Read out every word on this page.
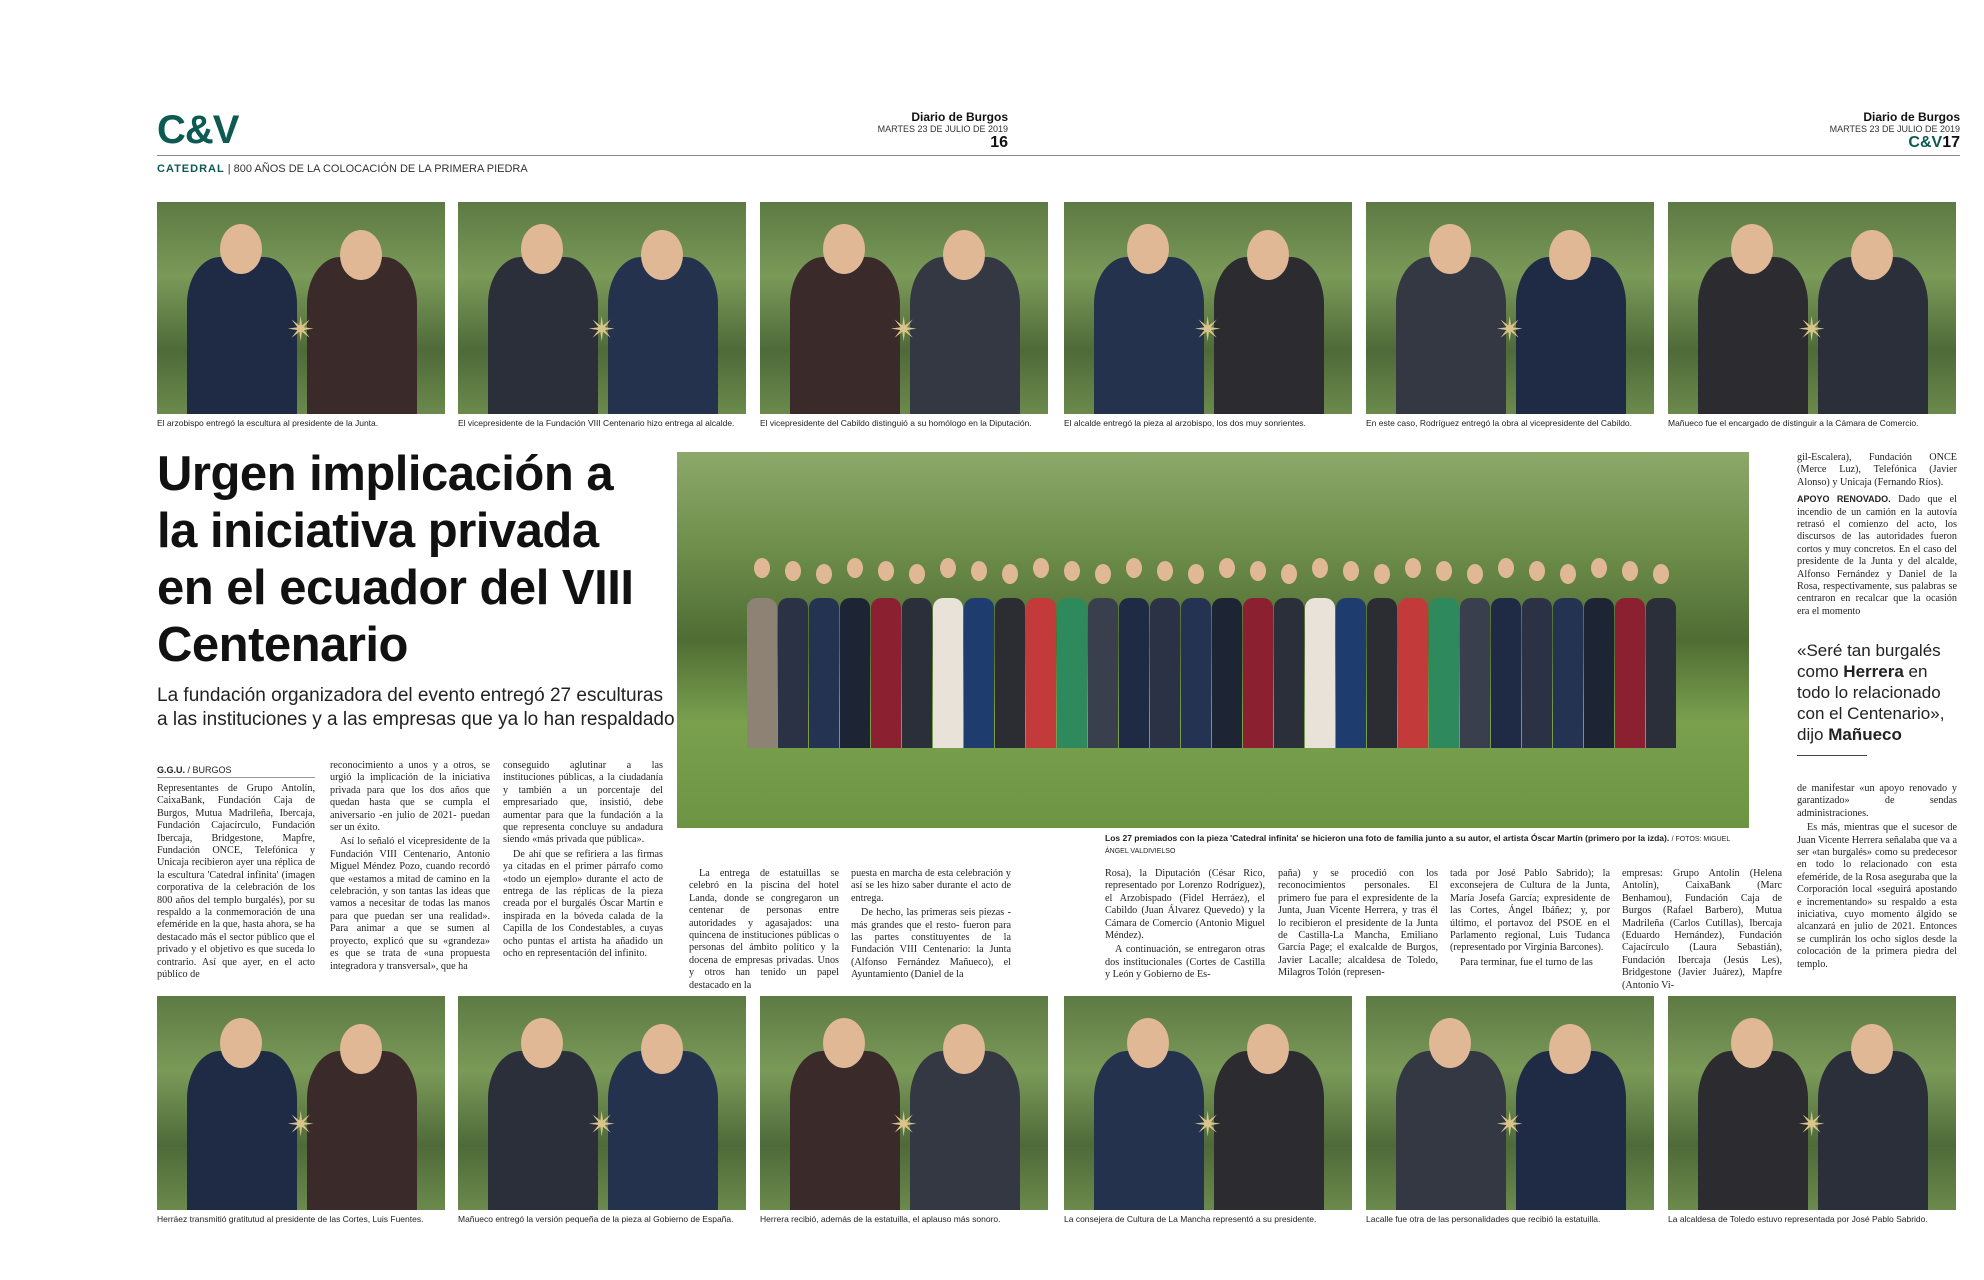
C&V	Diario de Burgos
MARTES 23 DE JULIO DE 2019
16
Diario de Burgos
MARTES 23 DE JULIO DE 2019
C&V17
CATEDRAL | 800 AÑOS DE LA COLOCACIÓN DE LA PRIMERA PIEDRA
✴
El arzobispo entregó la escultura al presidente de la Junta.
✴
El vicepresidente de la Fundación VIII Centenario hizo entrega al alcalde.
✴
El vicepresidente del Cabildo distinguió a su homólogo en la Diputación.
✴
El alcalde entregó la pieza al arzobispo, los dos muy sonrientes.
✴
En este caso, Rodríguez entregó la obra al vicepresidente del Cabildo.
✴
Mañueco fue el encargado de distinguir a la Cámara de Comercio.
✴
Herráez transmitió gratitutud al presidente de las Cortes, Luis Fuentes.
✴
Mañueco entregó la versión pequeña de la pieza al Gobierno de España.
✴
Herrera recibió, además de la estatuilla, el aplauso más sonoro.
✴
La consejera de Cultura de La Mancha representó a su presidente.
✴
Lacalle fue otra de las personalidades que recibió la estatuilla.
✴
La alcaldesa de Toledo estuvo representada por José Pablo Sabrido.
Urgen implicación a la iniciativa privada en el ecuador del VIII Centenario
La fundación organizadora del evento entregó 27 esculturas a las instituciones y a las empresas que ya lo han respaldado
Los 27 premiados con la pieza 'Catedral infinita' se hicieron una foto de familia junto a su autor, el artista Óscar Martín (primero por la izda). / FOTOS: MIGUEL ÁNGEL VALDIVIELSO
G.G.U. / BURGOS

Representantes de Grupo Antolín, CaixaBank, Fundación Caja de Burgos, Mutua Madrileña, Ibercaja, Fundación Cajacírculo, Fundación Ibercaja, Bridgestone, Mapfre, Fundación ONCE, Telefónica y Unicaja recibieron ayer una réplica de la escultura 'Catedral infinita' (imagen corporativa de la celebración de los 800 años del templo burgalés), por su respaldo a la conmemoración de una efeméride en la que, hasta ahora, se ha destacado más el sector público que el privado y el objetivo es que suceda lo contrario. Así que ayer, en el acto público de

reconocimiento a unos y a otros, se urgió la implicación de la iniciativa privada para que los dos años que quedan hasta que se cumpla el aniversario -en julio de 2021- puedan ser un éxito.

Así lo señaló el vicepresidente de la Fundación VIII Centenario, Antonio Miguel Méndez Pozo, cuando recordó que «estamos a mitad de camino en la celebración, y son tantas las ideas que vamos a necesitar de todas las manos para que puedan ser una realidad». Para animar a que se sumen al proyecto, explicó que su «grandeza» es que se trata de «una propuesta integradora y transversal», que ha

conseguido aglutinar a las instituciones públicas, a la ciudadanía y también a un porcentaje del empresariado que, insistió, debe aumentar para que la fundación a la que representa concluye su andadura siendo «más privada que pública».

De ahí que se refiriera a las firmas ya citadas en el primer párrafo como «todo un ejemplo» durante el acto de entrega de las réplicas de la pieza creada por el burgalés Óscar Martín e inspirada en la bóveda calada de la Capilla de los Condestables, a cuyas ocho puntas el artista ha añadido un ocho en representación del infinito.

La entrega de estatuillas se celebró en la piscina del hotel Landa, donde se congregaron un centenar de personas entre autoridades y agasajados: una quincena de instituciones públicas o personas del ámbito político y la docena de empresas privadas. Unos y otros han tenido un papel destacado en la

puesta en marcha de esta celebración y así se les hizo saber durante el acto de entrega.

De hecho, las primeras seis piezas -más grandes que el resto- fueron para las partes constituyentes de la Fundación VIII Centenario: la Junta (Alfonso Fernández Mañueco), el Ayuntamiento (Daniel de la

Rosa), la Diputación (César Rico, representado por Lorenzo Rodríguez), el Arzobispado (Fidel Herráez), el Cabildo (Juan Álvarez Quevedo) y la Cámara de Comercio (Antonio Miguel Méndez).

A continuación, se entregaron otras dos institucionales (Cortes de Castilla y León y Gobierno de Es-

paña) y se procedió con los reconocimientos personales. El primero fue para el expresidente de la Junta, Juan Vicente Herrera, y tras él lo recibieron el presidente de la Junta de Castilla-La Mancha, Emiliano García Page; el exalcalde de Burgos, Javier Lacalle; alcaldesa de Toledo, Milagros Tolón (represen-

tada por José Pablo Sabrido); la exconsejera de Cultura de la Junta, María Josefa García; expresidente de las Cortes, Ángel Ibáñez; y, por último, el portavoz del PSOE en el Parlamento regional, Luis Tudanca (representado por Virginia Barcones).

Para terminar, fue el turno de las

empresas: Grupo Antolín (Helena Antolín), CaixaBank (Marc Benhamou), Fundación Caja de Burgos (Rafael Barbero), Mutua Madrileña (Carlos Cutillas), Ibercaja (Eduardo Hernández), Fundación Cajacírculo (Laura Sebastián), Fundación Ibercaja (Jesús Les), Bridgestone (Javier Juárez), Mapfre (Antonio Vi-

gil-Escalera), Fundación ONCE (Merce Luz), Telefónica (Javier Alonso) y Unicaja (Fernando Ríos).

APOYO RENOVADO. Dado que el incendio de un camión en la autovía retrasó el comienzo del acto, los discursos de las autoridades fueron cortos y muy concretos. En el caso del presidente de la Junta y del alcalde, Alfonso Fernández y Daniel de la Rosa, respectivamente, sus palabras se centraron en recalcar que la ocasión era el momento

«Seré tan burgalés como Herrera en todo lo relacionado con el Centenario», dijo Mañueco

de manifestar «un apoyo renovado y garantizado» de sendas administraciones.

Es más, mientras que el sucesor de Juan Vicente Herrera señalaba que va a ser «tan burgalés» como su predecesor en todo lo relacionado con esta efeméride, de la Rosa aseguraba que la Corporación local «seguirá apostando e incrementando» su respaldo a esta iniciativa, cuyo momento álgido se alcanzará en julio de 2021. Entonces se cumplirán los ocho siglos desde la colocación de la primera piedra del templo.
